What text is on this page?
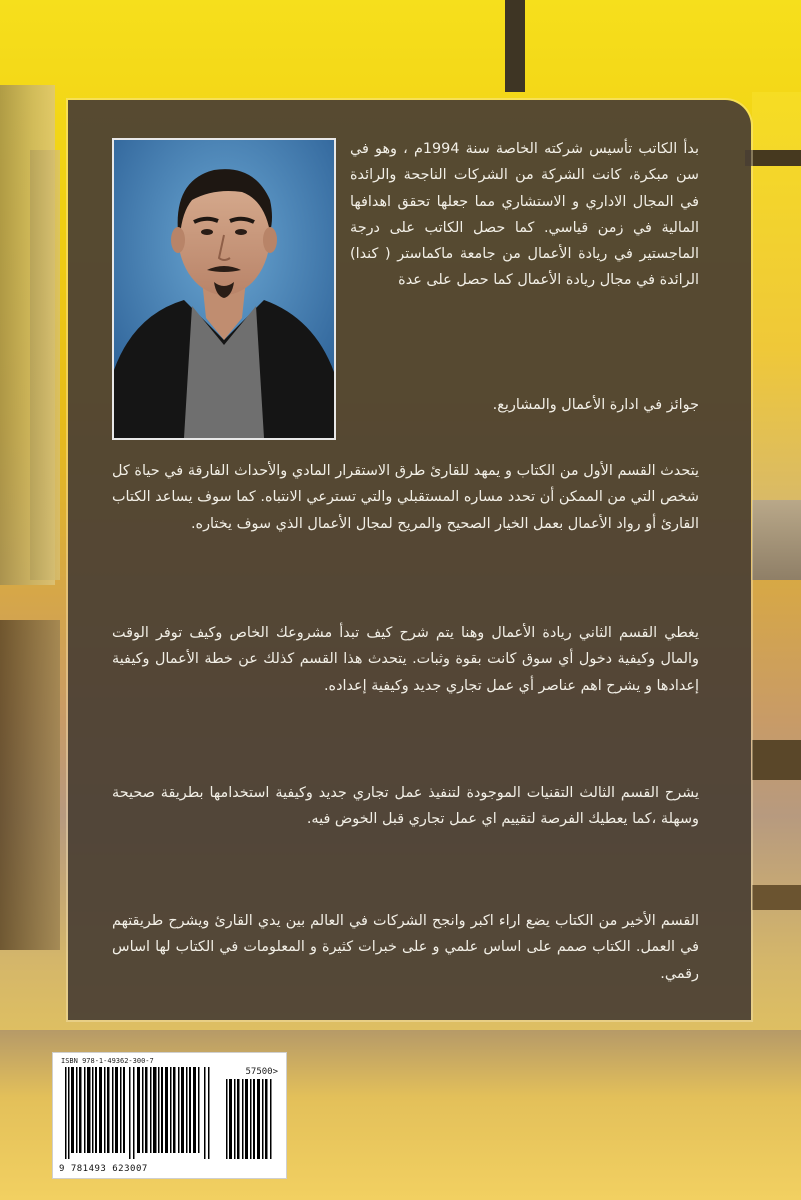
بدأ الكاتب تأسيس شركته الخاصة سنة 1994م ، وهو في سن مبكرة، كانت الشركة من الشركات الناجحة والرائدة في المجال الاداري و الاستشاري مما جعلها تحقق اهدافها المالية في زمن قياسي. كما حصل الكاتب على درجة الماجستير في ريادة الأعمال من جامعة ماكماستر ( كندا) الرائدة في مجال ريادة الأعمال كما حصل على عدة

جوائز في ادارة الأعمال والمشاريع.

يتحدث القسم الأول من الكتاب و يمهد للقارئ طرق الاستقرار المادي والأحداث الفارقة في حياة كل شخص التي من الممكن أن تحدد مساره المستقبلي والتي تسترعي الانتباه. كما سوف يساعد الكتاب القارئ أو رواد الأعمال بعمل الخيار الصحيح والمريح لمجال الأعمال الذي سوف يختاره.

يغطي القسم الثاني ريادة الأعمال وهنا يتم شرح كيف تبدأ مشروعك الخاص وكيف توفر الوقت والمال وكيفية دخول أي سوق كانت بقوة وثبات. يتحدث هذا القسم كذلك عن خطة الأعمال وكيفية إعدادها و يشرح اهم عناصر أي عمل تجاري جديد وكيفية إعداده.

يشرح القسم الثالث التقنيات الموجودة لتنفيذ عمل تجاري جديد وكيفية استخدامها بطريقة صحيحة وسهلة ،كما يعطيك الفرصة لتقييم اي عمل تجاري قبل الخوض فيه.

القسم الأخير من الكتاب يضع اراء اكبر وانجح الشركات في العالم بين يدي القارئ ويشرح طريقتهم في العمل. الكتاب صمم على اساس علمي و على خبرات كثيرة و المعلومات في الكتاب لها اساس رقمي.

ISBN 978-1-49362-300-7
57500>
9 781493 623007
